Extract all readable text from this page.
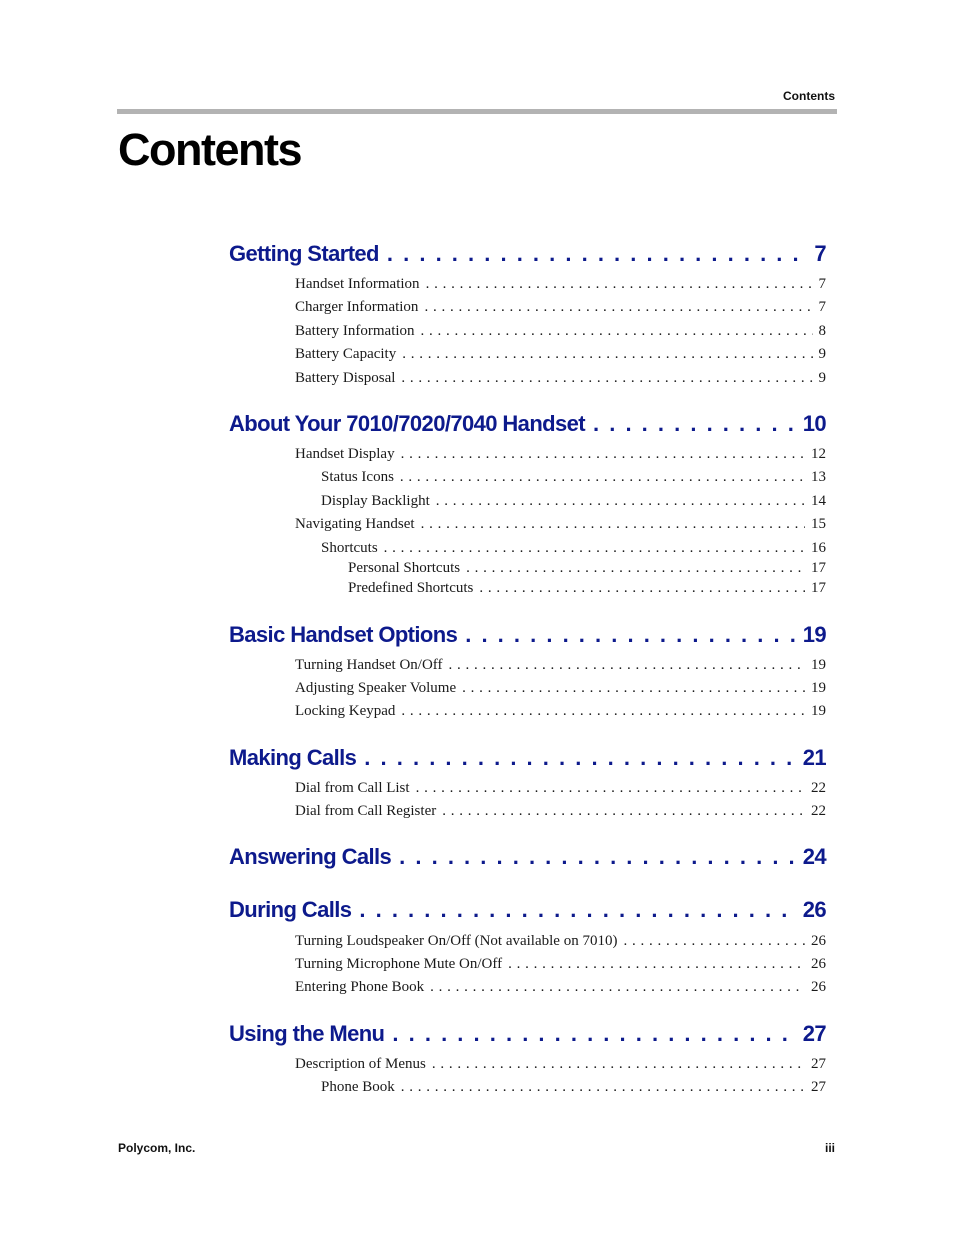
Contents
Contents
Getting Started . . .	7
Handset Information . . .	7
Charger Information . . .	7
Battery Information . . .	8
Battery Capacity . . .	9
Battery Disposal . . .	9
About Your 7010/7020/7040 Handset . . .	10
Handset Display . . .	12
Status Icons . . .	13
Display Backlight . . .	14
Navigating Handset . . .	15
Shortcuts . . .	16
Personal Shortcuts . . .	17
Predefined Shortcuts . . .	17
Basic Handset Options . . .	19
Turning Handset On/Off . . .	19
Adjusting Speaker Volume . . .	19
Locking Keypad . . .	19
Making Calls . . .	21
Dial from Call List . . .	22
Dial from Call Register . . .	22
Answering Calls . . .	24
During Calls . . .	26
Turning Loudspeaker On/Off (Not available on 7010) . . .	26
Turning Microphone Mute On/Off . . .	26
Entering Phone Book . . .	26
Using the Menu . . .	27
Description of Menus . . .	27
Phone Book . . .	27
Polycom, Inc.	iii
